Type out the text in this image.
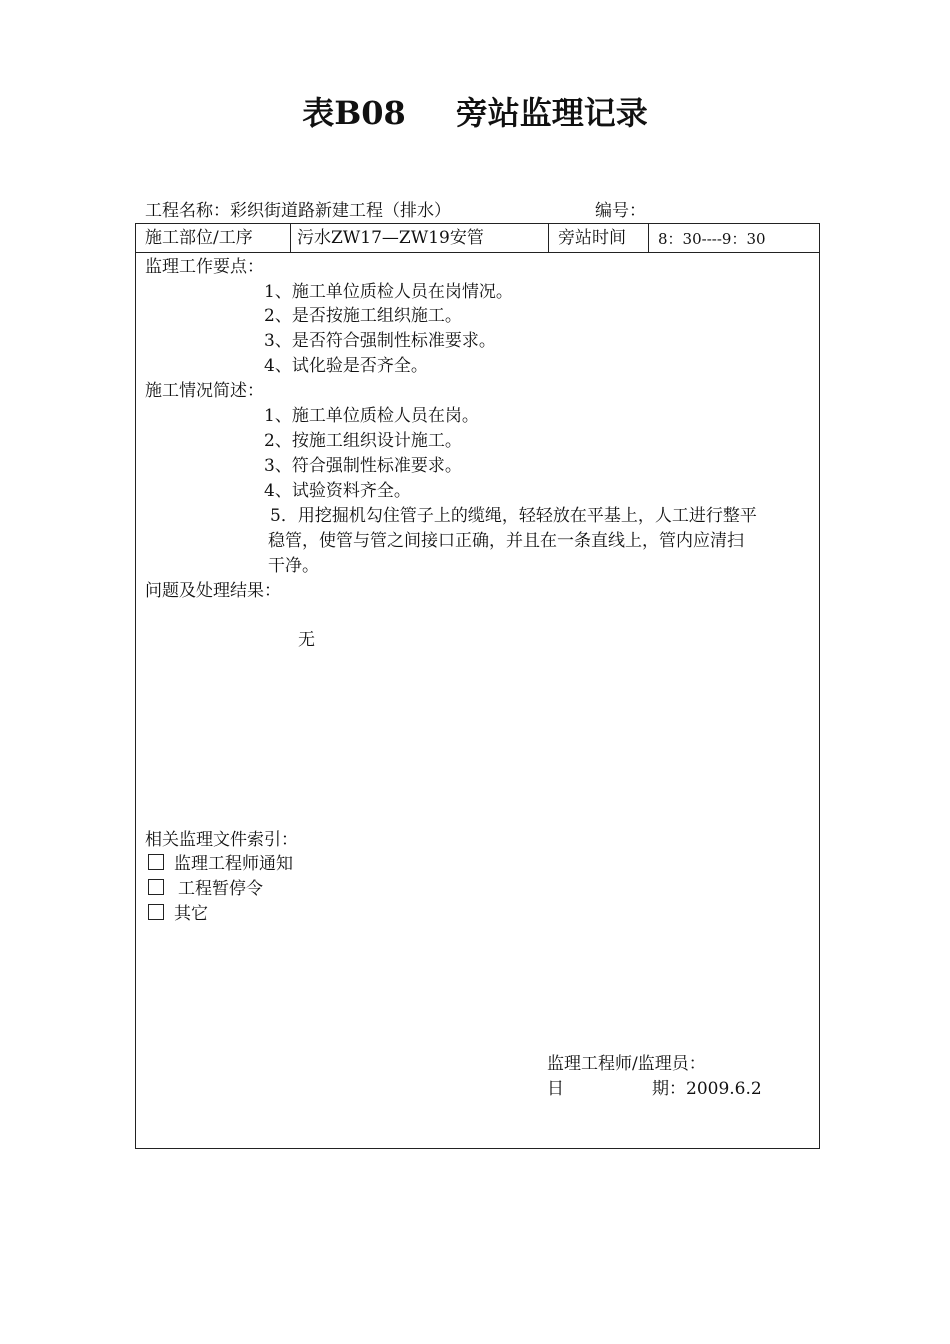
表B08 旁站监理记录
工程名称：彩织街道路新建工程（排水）	编号：
施工部位/工序	污水ZW17—ZW19安管	旁站时间 8：30----9：30
监理工作要点：
1、施工单位质检人员在岗情况。
2、是否按施工组织施工。
3、是否符合强制性标准要求。
4、试化验是否齐全。
施工情况简述：
1、施工单位质检人员在岗。
2、按施工组织设计施工。
3、符合强制性标准要求。
4、试验资料齐全。
5．用挖掘机勾住管子上的缆绳，轻轻放在平基上，人工进行整平
稳管，使管与管之间接口正确，并且在一条直线上，管内应清扫
干净。
问题及处理结果：
无
相关监理文件索引：
监理工程师通知
工程暂停令
其它
监理工程师/监理员：
日	期：2009.6.2
